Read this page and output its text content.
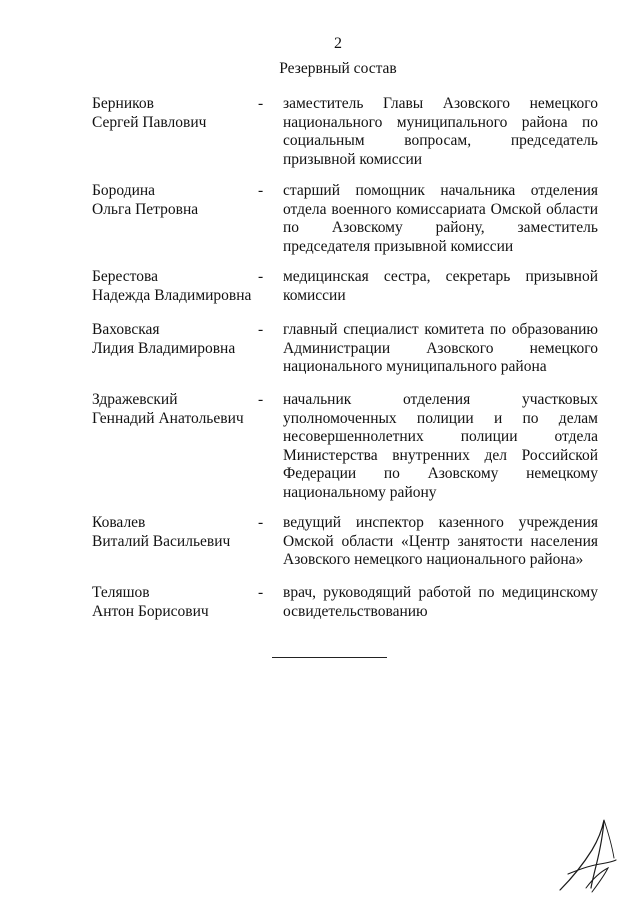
2
Резервный состав
Берников
Сергей Павлович
- заместитель Главы Азовского немецкого национального муниципального района по социальным вопросам, председатель призывной комиссии
Бородина
Ольга Петровна
- старший помощник начальника отделения отдела военного комиссариата Омской области по Азовскому району, заместитель председателя призывной комиссии
Берестова
Надежда Владимировна
- медицинская сестра, секретарь призывной комиссии
Ваховская
Лидия Владимировна
- главный специалист комитета по образованию Администрации Азовского немецкого национального муниципального района
Здражевский
Геннадий Анатольевич
- начальник отделения участковых уполномоченных полиции и по делам несовершеннолетних полиции отдела Министерства внутренних дел Российской Федерации по Азовскому немецкому национальному району
Ковалев
Виталий Васильевич
- ведущий инспектор казенного учреждения Омской области «Центр занятости населения Азовского немецкого национального района»
Теляшов
Антон Борисович
- врач, руководящий работой по медицинскому освидетельствованию
